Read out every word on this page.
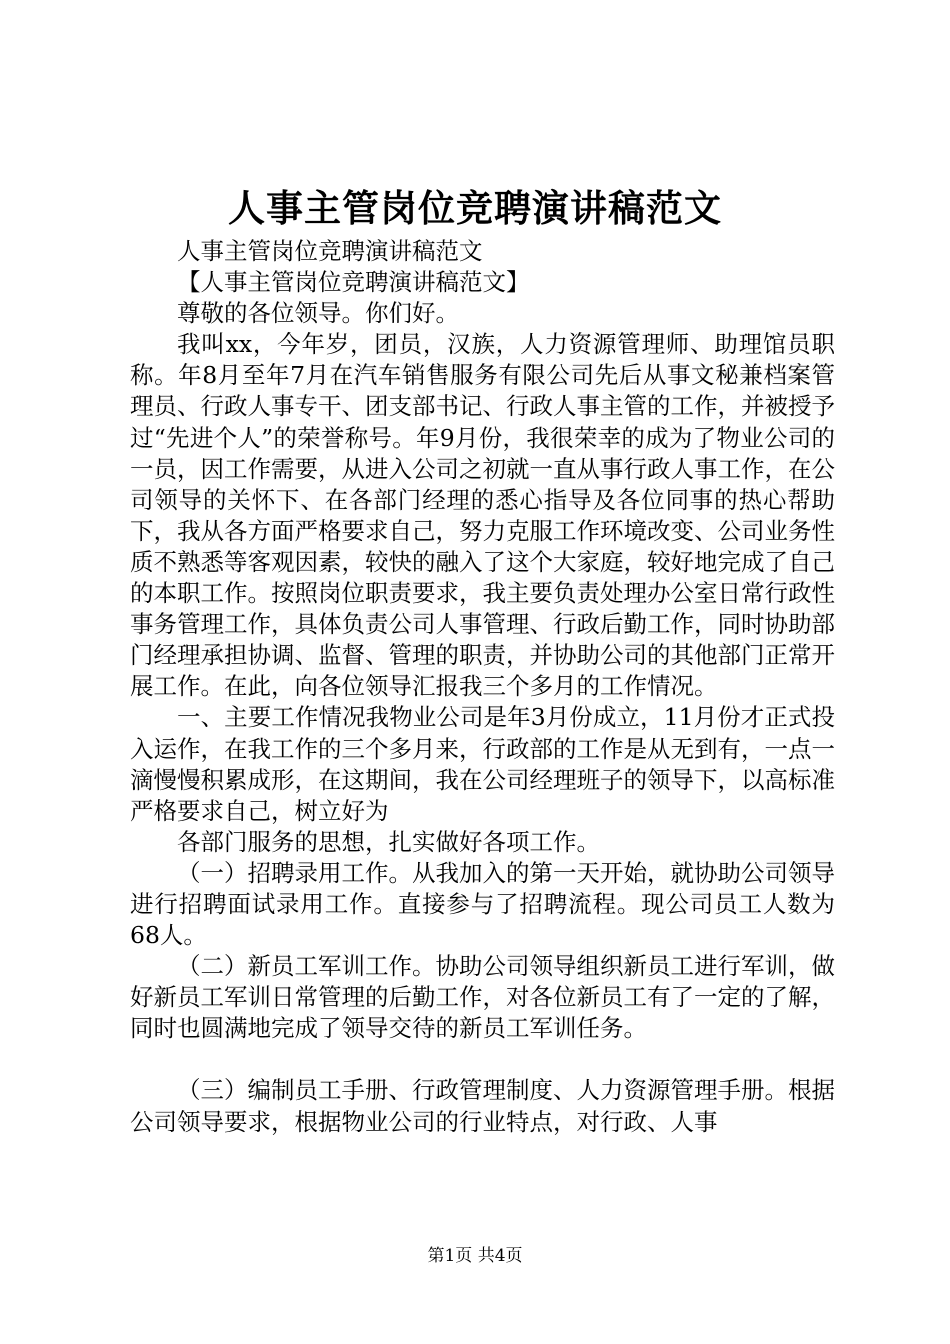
人事主管岗位竞聘演讲稿范文

人事主管岗位竞聘演讲稿范文

【人事主管岗位竞聘演讲稿范文】

尊敬的各位领导。你们好。

我叫xx，今年岁，团员，汉族，人力资源管理师、助理馆员职称。年8月至年7月在汽车销售服务有限公司先后从事文秘兼档案管理员、行政人事专干、团支部书记、行政人事主管的工作，并被授予过“先进个人”的荣誉称号。年9月份，我很荣幸的成为了物业公司的一员，因工作需要，从进入公司之初就一直从事行政人事工作，在公司领导的关怀下、在各部门经理的悉心指导及各位同事的热心帮助下，我从各方面严格要求自己，努力克服工作环境改变、公司业务性质不熟悉等客观因素，较快的融入了这个大家庭，较好地完成了自己的本职工作。按照岗位职责要求，我主要负责处理办公室日常行政性事务管理工作，具体负责公司人事管理、行政后勤工作，同时协助部门经理承担协调、监督、管理的职责，并协助公司的其他部门正常开展工作。在此，向各位领导汇报我三个多月的工作情况。

一、主要工作情况我物业公司是年3月份成立，11月份才正式投入运作，在我工作的三个多月来，行政部的工作是从无到有，一点一滴慢慢积累成形，在这期间，我在公司经理班子的领导下，以高标准严格要求自己，树立好为

各部门服务的思想，扎实做好各项工作。

（一）招聘录用工作。从我加入的第一天开始，就协助公司领导进行招聘面试录用工作。直接参与了招聘流程。现公司员工人数为68人。

（二）新员工军训工作。协助公司领导组织新员工进行军训，做好新员工军训日常管理的后勤工作，对各位新员工有了一定的了解，同时也圆满地完成了领导交待的新员工军训任务。

（三）编制员工手册、行政管理制度、人力资源管理手册。根据公司领导要求，根据物业公司的行业特点，对行政、人事

第1页 共4页
